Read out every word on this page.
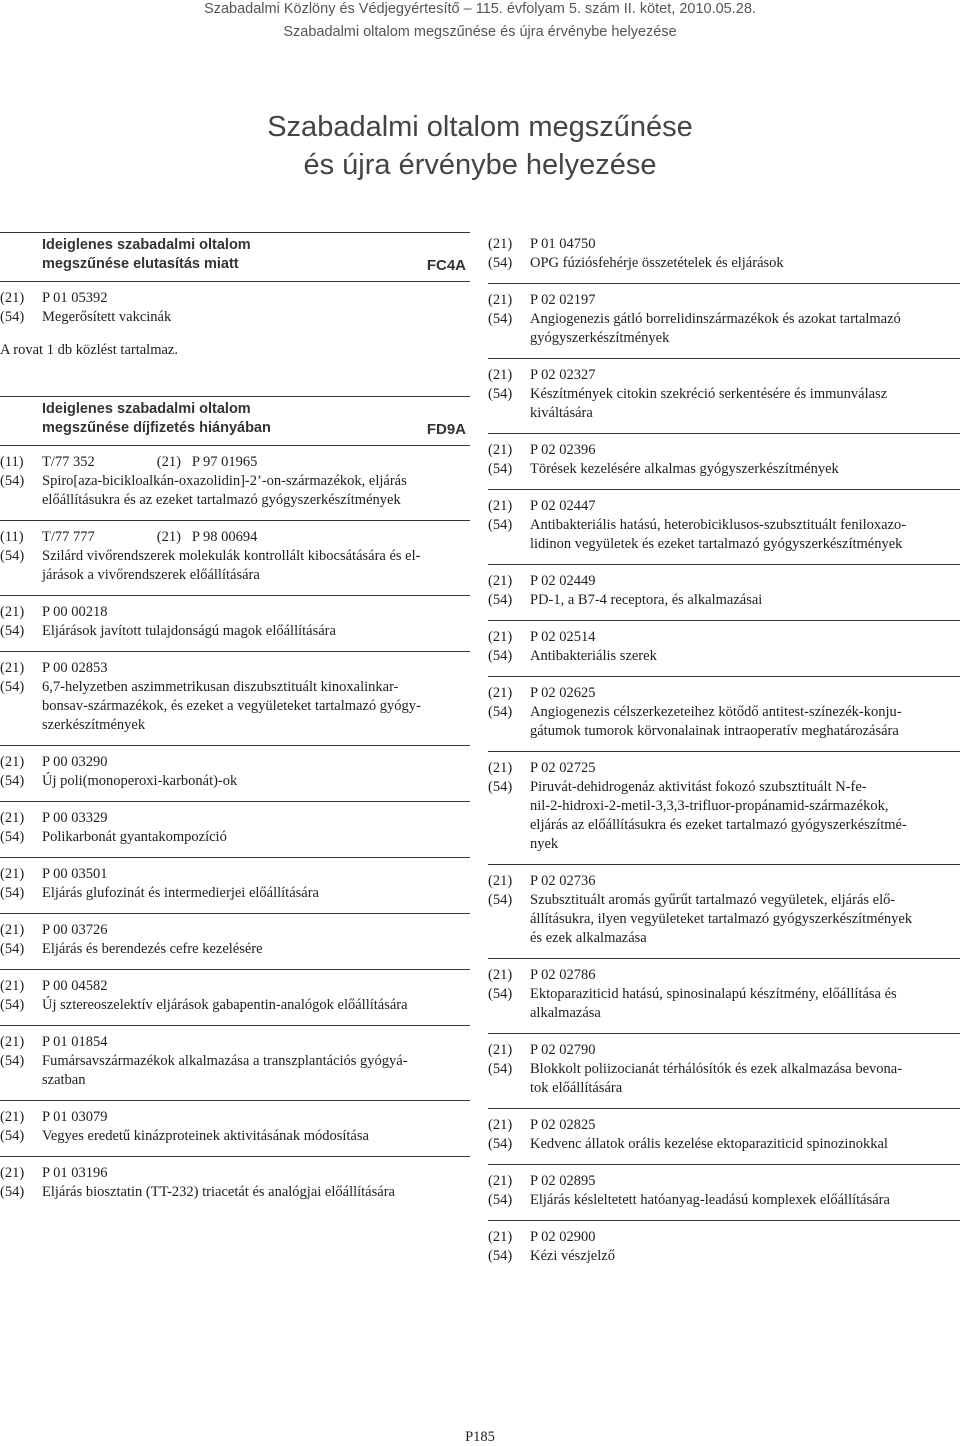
Szabadalmi Közlöny és Védjegyértesítő – 115. évfolyam 5. szám II. kötet, 2010.05.28.
Szabadalmi oltalom megszűnése és újra érvénybe helyezése
Szabadalmi oltalom megszűnése
és újra érvénybe helyezése
Ideiglenes szabadalmi oltalom
megszűnése elutasítás miatt	FC4A
(21)	P 01 05392
(54)	Megerősített vakcinák
A rovat 1 db közlést tartalmaz.
Ideiglenes szabadalmi oltalom
megszűnése díjfizetés hiányában	FD9A
(11)	T/77 352	(21) P 97 01965
(54)	Spiro[aza-bicikloalkán-oxazolidin]-2’-on-származékok, eljárás
előállításukra és az ezeket tartalmazó gyógyszerkészítmények
(11)	T/77 777	(21) P 98 00694
(54)	Szilárd vivőrendszerek molekulák kontrollált kibocsátására és el-
járások a vivőrendszerek előállítására
(21)	P 00 00218
(54)	Eljárások javított tulajdonságú magok előállítására
(21)	P 00 02853
(54)	6,7-helyzetben aszimmetrikusan diszubsztituált kinoxalinkar-
bonsav-származékok, és ezeket a vegyületeket tartalmazó gyógy-
szerkészítmények
(21)	P 00 03290
(54)	Új poli(monoperoxi-karbonát)-ok
(21)	P 00 03329
(54)	Polikarbonát gyantakompozíció
(21)	P 00 03501
(54)	Eljárás glufozinát és intermedierjei előállítására
(21)	P 00 03726
(54)	Eljárás és berendezés cefre kezelésére
(21)	P 00 04582
(54)	Új sztereoszelektív eljárások gabapentin-analógok előállítására
(21)	P 01 01854
(54)	Fumársavszármazékok alkalmazása a transzplantációs gyógyá-
szatban
(21)	P 01 03079
(54)	Vegyes eredetű kinázproteinek aktivitásának módosítása
(21)	P 01 03196
(54)	Eljárás biosztatin (TT-232) triacetát és analógjai előállítására
(21)	P 01 04750
(54)	OPG fúziósfehérje összetételek és eljárások
(21)	P 02 02197
(54)	Angiogenezis gátló borrelidinszármazékok és azokat tartalmazó
gyógyszerkészítmények
(21)	P 02 02327
(54)	Készítmények citokin szekréció serkentésére és immunválasz
kiváltására
(21)	P 02 02396
(54)	Törések kezelésére alkalmas gyógyszerkészítmények
(21)	P 02 02447
(54)	Antibakteriális hatású, heterobiciklusos-szubsztituált feniloxazo-
lidinon vegyületek és ezeket tartalmazó gyógyszerkészítmények
(21)	P 02 02449
(54)	PD-1, a B7-4 receptora, és alkalmazásai
(21)	P 02 02514
(54)	Antibakteriális szerek
(21)	P 02 02625
(54)	Angiogenezis célszerkezeteihez kötődő antitest-színezék-konju-
gátumok tumorok körvonalainak intraoperatív meghatározására
(21)	P 02 02725
(54)	Piruvát-dehidrogenáz aktivitást fokozó szubsztituált N-fe-
nil-2-hidroxi-2-metil-3,3,3-trifluor-propánamid-származékok,
eljárás az előállításukra és ezeket tartalmazó gyógyszerkészítmé-
nyek
(21)	P 02 02736
(54)	Szubsztituált aromás gyűrűt tartalmazó vegyületek, eljárás elő-
állításukra, ilyen vegyületeket tartalmazó gyógyszerkészítmények
és ezek alkalmazása
(21)	P 02 02786
(54)	Ektoparaziticid hatású, spinosinalapú készítmény, előállítása és
alkalmazása
(21)	P 02 02790
(54)	Blokkolt poliizocianát térhálósítók és ezek alkalmazása bevona-
tok előállítására
(21)	P 02 02825
(54)	Kedvenc állatok orális kezelése ektoparaziticid spinozinokkal
(21)	P 02 02895
(54)	Eljárás késleltetett hatóanyag-leadású komplexek előállítására
(21)	P 02 02900
(54)	Kézi vészjelző
P185
